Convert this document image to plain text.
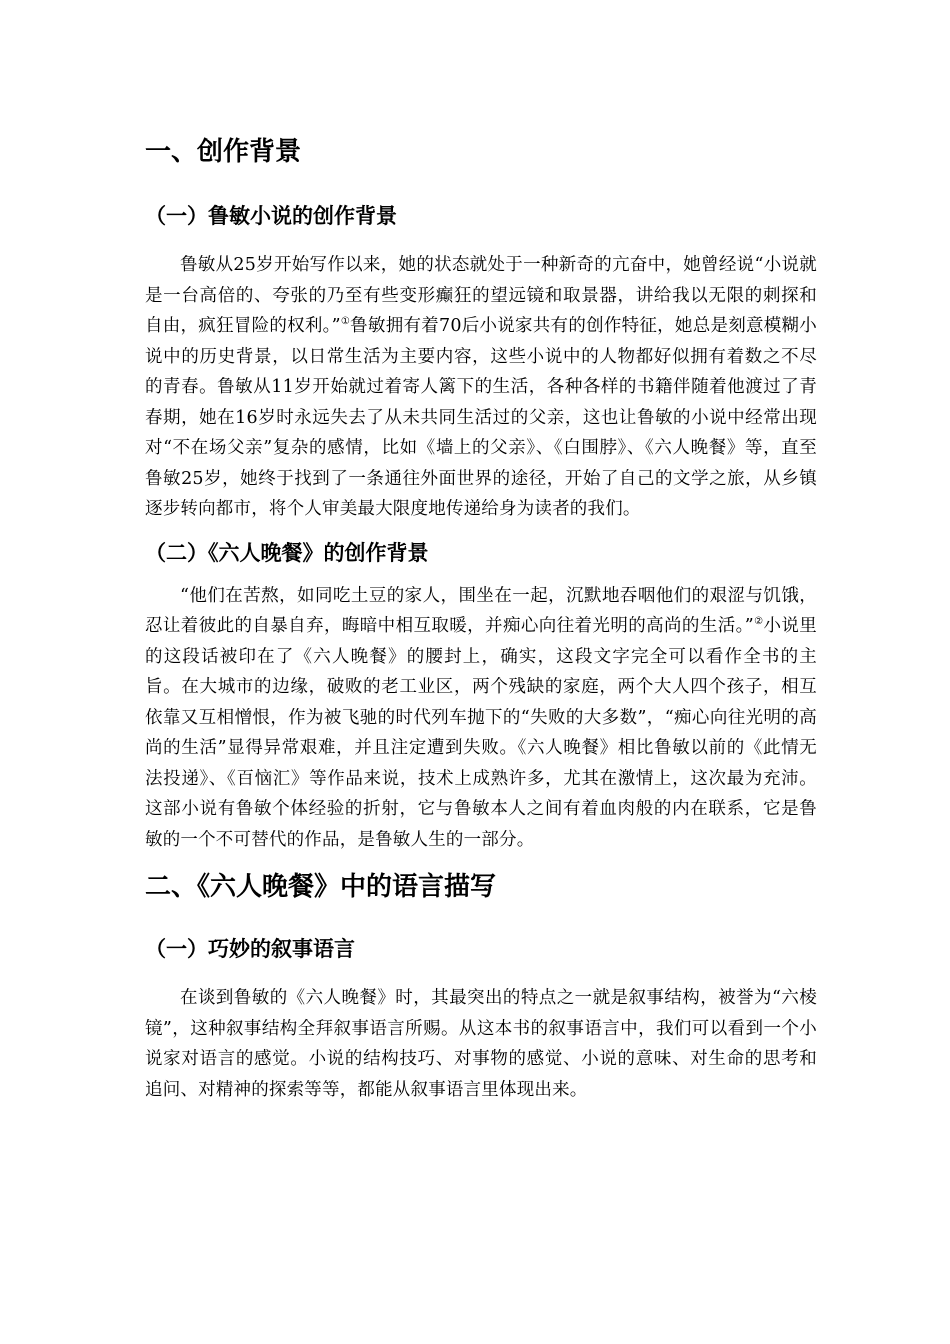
一、创作背景
（一）鲁敏小说的创作背景

鲁敏从25岁开始写作以来，她的状态就处于一种新奇的亢奋中，她曾经说“小说就是一台高倍的、夸张的乃至有些变形癫狂的望远镜和取景器，讲给我以无限的刺探和自由，疯狂冒险的权利。”①鲁敏拥有着70后小说家共有的创作特征，她总是刻意模糊小说中的历史背景，以日常生活为主要内容，这些小说中的人物都好似拥有着数之不尽的青春。鲁敏从11岁开始就过着寄人篱下的生活，各种各样的书籍伴随着他渡过了青春期，她在16岁时永远失去了从未共同生活过的父亲，这也让鲁敏的小说中经常出现对“不在场父亲”复杂的感情，比如《墙上的父亲》、《白围脖》、《六人晚餐》等，直至鲁敏25岁，她终于找到了一条通往外面世界的途径，开始了自己的文学之旅，从乡镇逐步转向都市，将个人审美最大限度地传递给身为读者的我们。

（二）《六人晚餐》的创作背景

“他们在苦熬，如同吃土豆的家人，围坐在一起，沉默地吞咽他们的艰涩与饥饿，忍让着彼此的自暴自弃，晦暗中相互取暖，并痴心向往着光明的高尚的生活。”②小说里的这段话被印在了《六人晚餐》的腰封上，确实，这段文字完全可以看作全书的主旨。在大城市的边缘，破败的老工业区，两个残缺的家庭，两个大人四个孩子，相互依靠又互相憎恨，作为被飞驰的时代列车抛下的“失败的大多数”，“痴心向往光明的高尚的生活”显得异常艰难，并且注定遭到失败。《六人晚餐》相比鲁敏以前的《此情无法投递》、《百恼汇》等作品来说，技术上成熟许多，尤其在激情上，这次最为充沛。这部小说有鲁敏个体经验的折射，它与鲁敏本人之间有着血肉般的内在联系，它是鲁敏的一个不可替代的作品，是鲁敏人生的一部分。

二、《六人晚餐》中的语言描写
（一）巧妙的叙事语言

在谈到鲁敏的《六人晚餐》时，其最突出的特点之一就是叙事结构，被誉为“六棱镜”，这种叙事结构全拜叙事语言所赐。从这本书的叙事语言中，我们可以看到一个小说家对语言的感觉。小说的结构技巧、对事物的感觉、小说的意味、对生命的思考和追问、对精神的探索等等，都能从叙事语言里体现出来。
